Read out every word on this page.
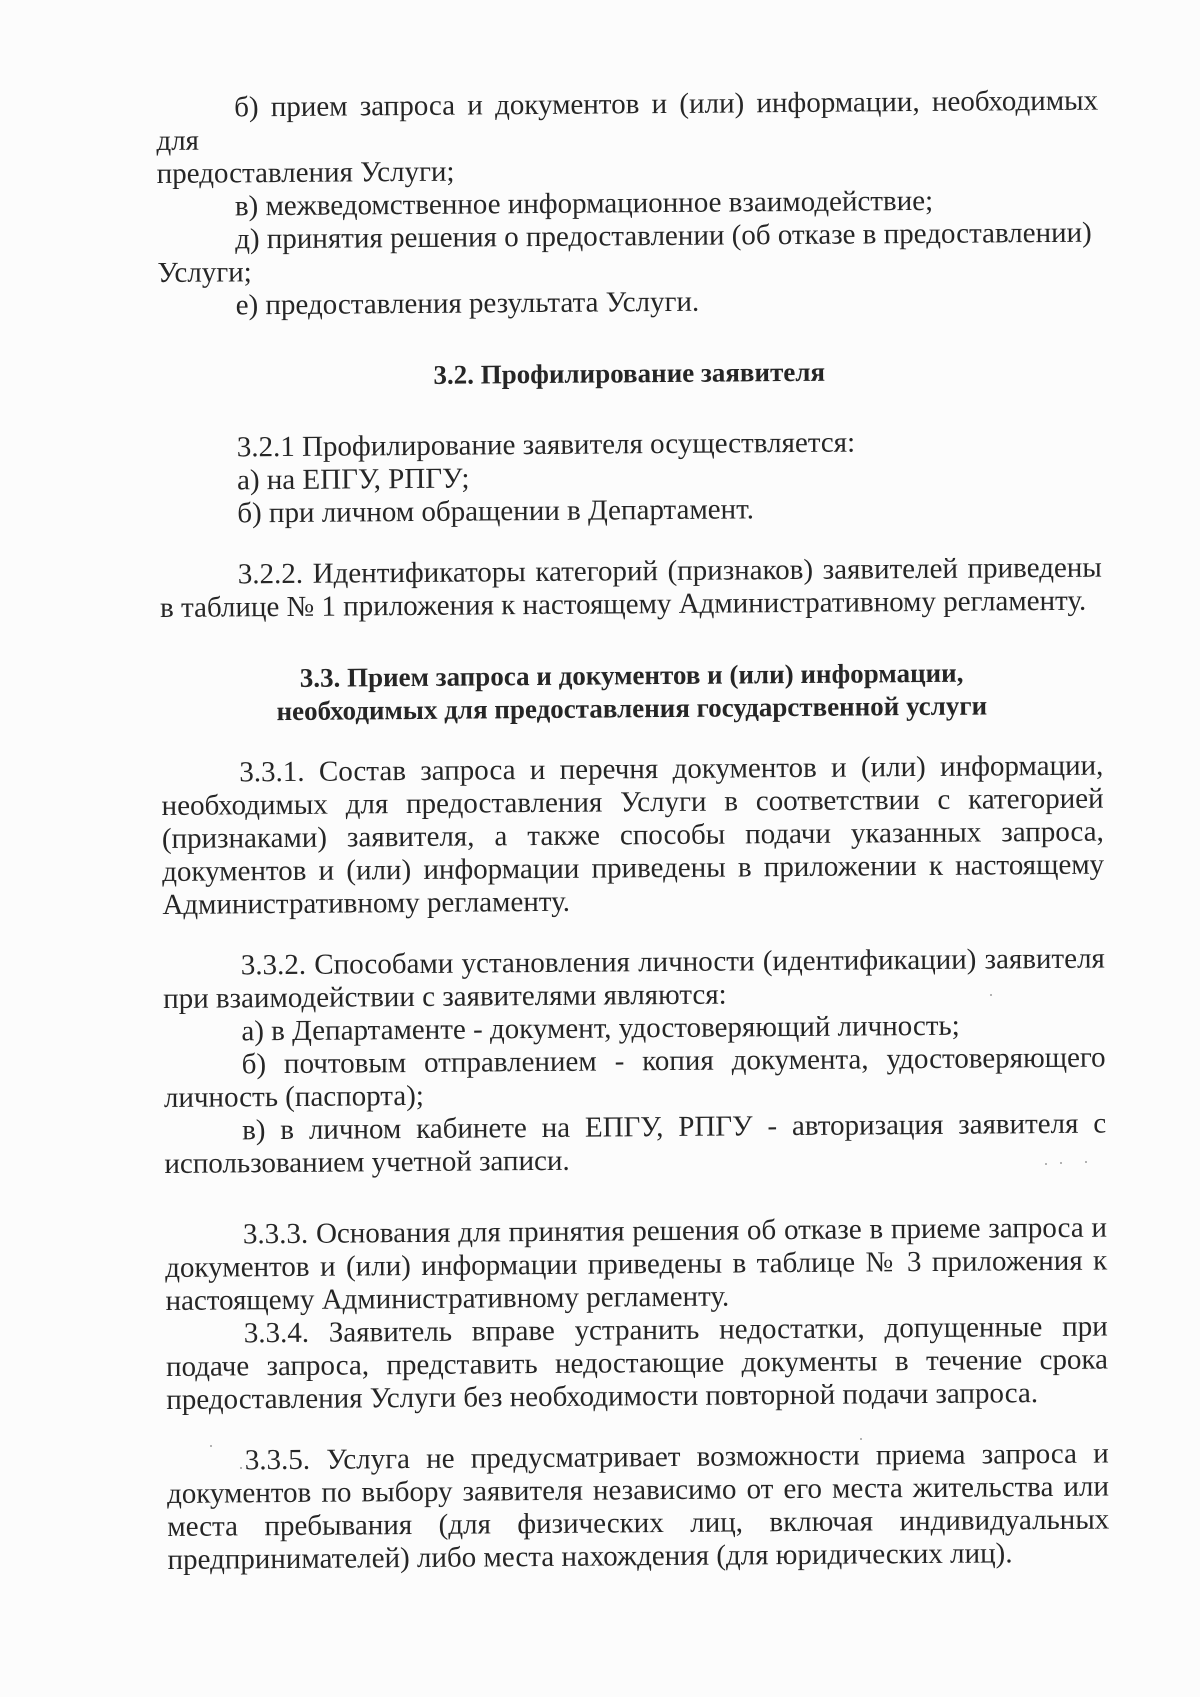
б) прием запроса и документов и (или) информации, необходимых для
предоставления Услуги;

в) межведомственное информационное взаимодействие;

д) принятия решения о предоставлении (об отказе в предоставлении)
Услуги;

е) предоставления результата Услуги.

3.2. Профилирование заявителя

3.2.1 Профилирование заявителя осуществляется:

а) на ЕПГУ, РПГУ;

б) при личном обращении в Департамент.

3.2.2. Идентификаторы категорий (признаков) заявителей приведены в таблице № 1 приложения к настоящему Административному регламенту.

3.3. Прием запроса и документов и (или) информации,

необходимых для предоставления государственной услуги

3.3.1. Состав запроса и перечня документов и (или) информации, необходимых для предоставления Услуги в соответствии с категорией (признаками) заявителя, а также способы подачи указанных запроса, документов и (или) информации приведены в приложении к настоящему Административному регламенту.

3.3.2. Способами установления личности (идентификации) заявителя при взаимодействии с заявителями являются:

а) в Департаменте - документ, удостоверяющий личность;

б) почтовым отправлением - копия документа, удостоверяющего личность (паспорта);

в) в личном кабинете на ЕПГУ, РПГУ - авторизация заявителя с использованием учетной записи.

3.3.3. Основания для принятия решения об отказе в приеме запроса и документов и (или) информации приведены в таблице № 3 приложения к настоящему Административному регламенту.

3.3.4. Заявитель вправе устранить недостатки, допущенные при подаче запроса, представить недостающие документы в течение срока предоставления Услуги без необходимости повторной подачи запроса.

3.3.5. Услуга не предусматривает возможности приема запроса и документов по выбору заявителя независимо от его места жительства или места пребывания (для физических лиц, включая индивидуальных предпринимателей) либо места нахождения (для юридических лиц).
